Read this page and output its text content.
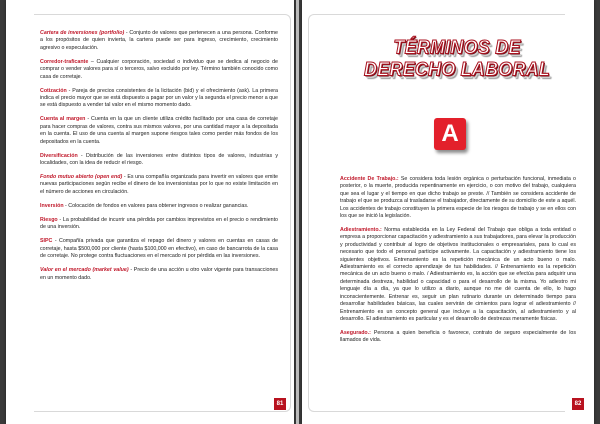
Cartera de inversiones (portfolio) - Conjunto de valores que pertenecen a una persona. Conforme a los propósitos de quien invierta, la cartera puede ser para ingreso, crecimiento, crecimiento agresivo o especulación.

Corredor-traficante – Cualquier corporación, sociedad o individuo que se dedica al negocio de comprar o vender valores para sí o terceros, salvo excluido por ley. Término también conocido como casa de corretaje.

Cotización - Pareja de precios consistentes de la licitación (bid) y el ofrecimiento (ask). La primera indica el precio mayor que se está dispuesto a pagar por un valor y la segunda el precio menor a que se está dispuesto a vender tal valor en el mismo momento dado.

Cuenta al margen - Cuenta en la que un cliente utiliza crédito facilitado por una casa de corretaje para hacer compras de valores, contra sus mismos valores, por una cantidad mayor a la depositada en la cuenta. El uso de una cuenta al margen supone riesgos tales como perder más fondos de los depositados en la cuenta.

Diversificación - Distribución de las inversiones entre distintos tipos de valores, industrias y localidades, con la idea de reducir el riesgo.

Fondo mutuo abierto (open end) - Es una compañía organizada para invertir en valores que emite nuevas participaciones según recibe el dinero de los inversionistas por lo que no existe limitación en el número de acciones en circulación.

Inversión - Colocación de fondos en valores para obtener ingresos o realizar ganancias.

Riesgo - La probabilidad de incurrir una pérdida por cambios imprevistos en el precio o rendimiento de una inversión.

SIPC - Compañía privada que garantiza el repago del dinero y valores en cuentas en casas de corretaje, hasta $500,000 por cliente (hasta $100,000 en efectivo), en caso de bancarrota de la casa de corretaje. No protege contra fluctuaciones en el mercado ni por pérdida en las inversiones.

Valor en el mercado (market value) - Precio de una acción u otro valor vigente para transacciones en un momento dado.

81
TÉRMINOS DE
DERECHO LABORAL
A

Accidente De Trabajo.: Se considera toda lesión orgánica o perturbación funcional, inmediata o posterior, o la muerte, producida repentinamente en ejercicio, o con motivo del trabajo, cualquiera que sea el lugar y el tiempo en que dicho trabajo se preste. // También se considera accidente de trabajo el que se produzca al trasladarse el trabajador, directamente de su domicilio de este a aquél. Los accidentes de trabajo constituyen la primera especie de los riesgos de trabajo y se en ellos con los que se inició la legislación.

Adiestramiento.: Norma establecida en la Ley Federal del Trabajo que obliga a toda entidad o empresa a proporcionar capacitación y adiestramiento a sus trabajadores, para elevar la producción y productividad y contribuir al logro de objetivos institucionales o empresariales, para lo cual es necesario que todo el personal participe activamente. La capacitación y adiestramiento tiene los siguientes objetivos. Entrenamiento es la repetición mecánica de un acto bueno o malo. Adiestramiento es el correcto aprendizaje de tus habilidades. // Entrenamiento es la repetición mecánica de un acto bueno o malo. / Adiestramiento es, la acción que se efectúa para adquirir una determinada destreza, habilidad o capacidad o para el desarrollo de la misma. Yo adiestro mi lenguaje día a día, ya que lo utilizo a diario, aunque no me dé cuenta de ello, lo hago inconscientemente. Entrenar es, seguir un plan rutinario durante un determinado tiempo para desarrollar habilidades básicas, las cuales servirán de cimientos para lograr el adiestramiento // Entrenamiento es un concepto general que incluye a la capacitación, al adiestramiento y al desarrollo. El adiestramiento es particular y es el desarrollo de destrezas meramente físicas.

Asegurado.: Persona a quien beneficia o favorece, contrato de seguro especialmente de los llamados de vida.

82
